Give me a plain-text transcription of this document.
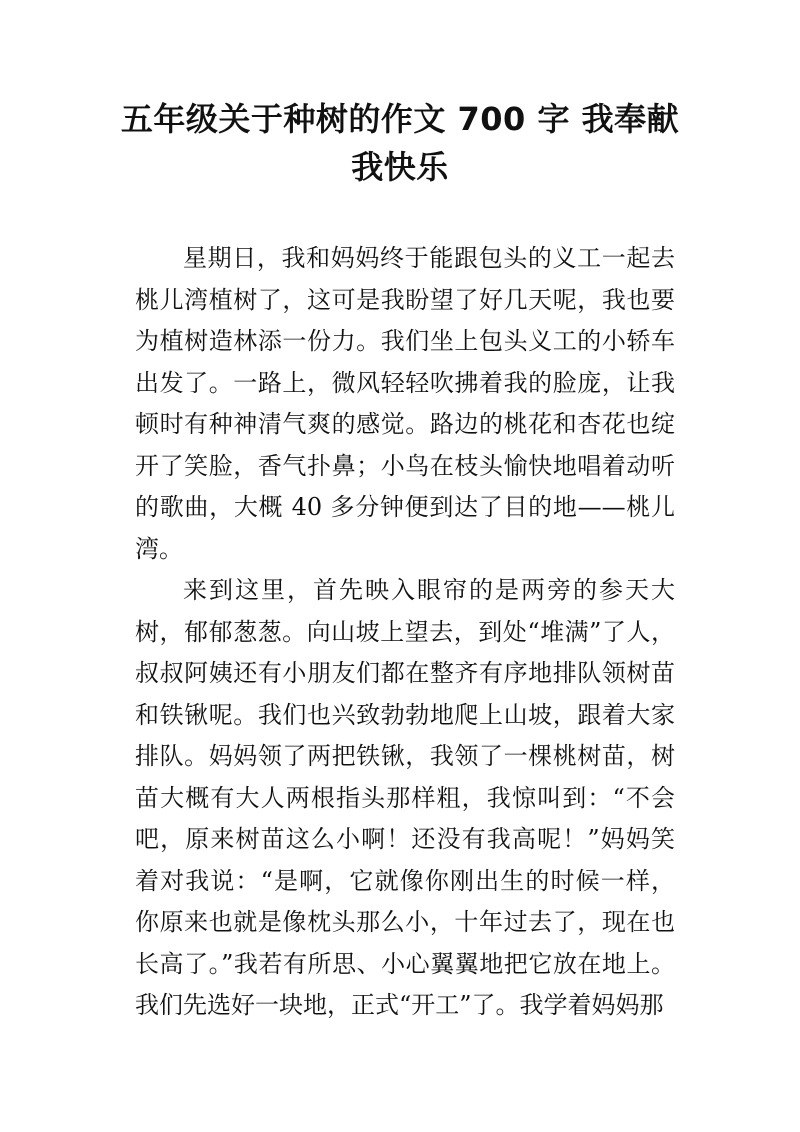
五年级关于种树的作文 700 字 我奉献
我快乐

星期日，我和妈妈终于能跟包头的义工一起去桃儿湾植树了，这可是我盼望了好几天呢，我也要为植树造林添一份力。我们坐上包头义工的小轿车出发了。一路上，微风轻轻吹拂着我的脸庞，让我顿时有种神清气爽的感觉。路边的桃花和杏花也绽开了笑脸，香气扑鼻；小鸟在枝头愉快地唱着动听的歌曲，大概 40 多分钟便到达了目的地——桃儿湾。

来到这里，首先映入眼帘的是两旁的参天大树，郁郁葱葱。向山坡上望去，到处“堆满”了人，叔叔阿姨还有小朋友们都在整齐有序地排队领树苗和铁锹呢。我们也兴致勃勃地爬上山坡，跟着大家排队。妈妈领了两把铁锹，我领了一棵桃树苗，树苗大概有大人两根指头那样粗，我惊叫到：“不会吧，原来树苗这么小啊！还没有我高呢！”妈妈笑着对我说：“是啊，它就像你刚出生的时候一样，你原来也就是像枕头那么小，十年过去了，现在也长高了。”我若有所思、小心翼翼地把它放在地上。我们先选好一块地，正式“开工”了。我学着妈妈那
